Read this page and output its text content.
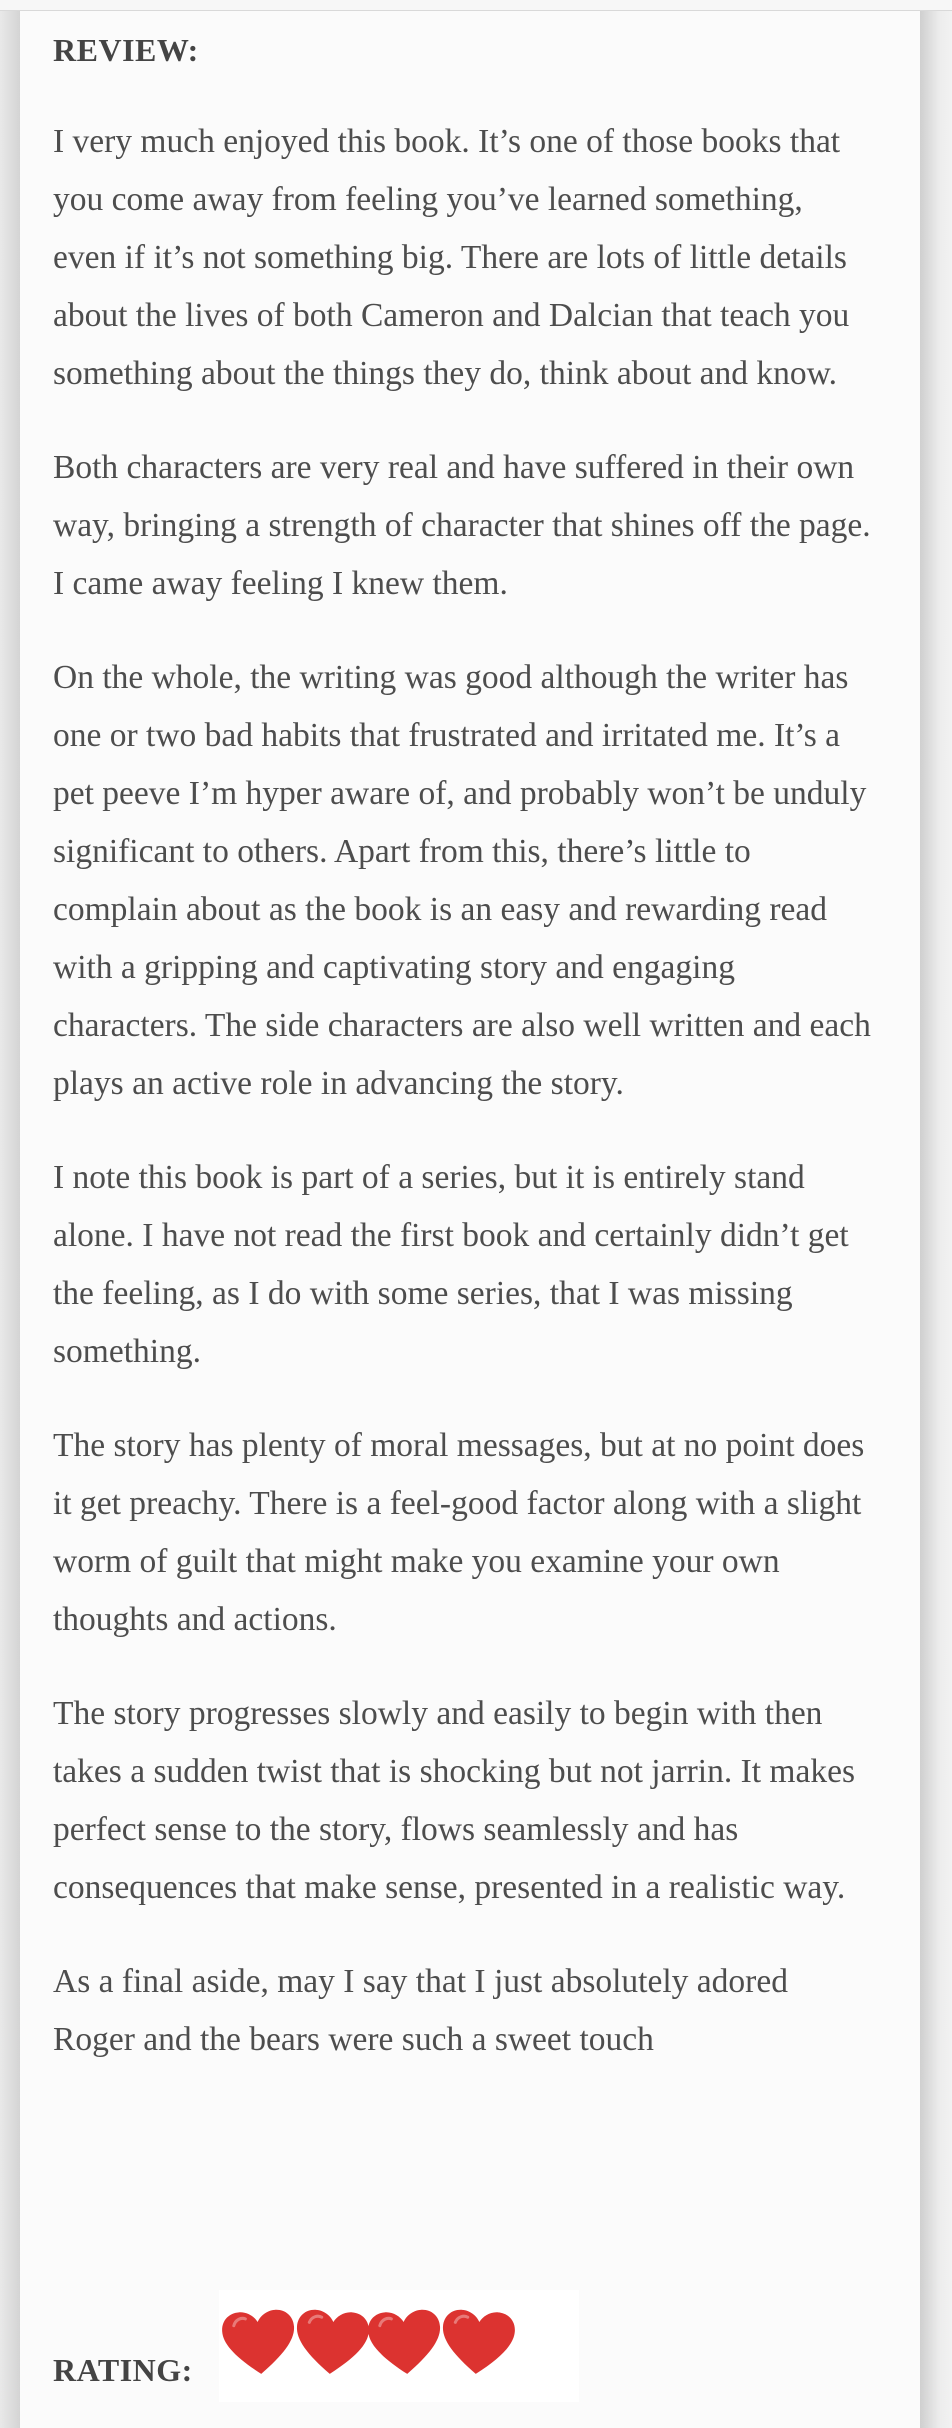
REVIEW:

I very much enjoyed this book. It’s one of those books that you come away from feeling you’ve learned something, even if it’s not something big. There are lots of little details about the lives of both Cameron and Dalcian that teach you something about the things they do, think about and know.

Both characters are very real and have suffered in their own way, bringing a strength of character that shines off the page. I came away feeling I knew them.

On the whole, the writing was good although the writer has one or two bad habits that frustrated and irritated me. It’s a pet peeve I’m hyper aware of, and probably won’t be unduly significant to others. Apart from this, there’s little to complain about as the book is an easy and rewarding read with a gripping and captivating story and engaging characters. The side characters are also well written and each plays an active role in advancing the story.

I note this book is part of a series, but it is entirely stand alone. I have not read the first book and certainly didn’t get the feeling, as I do with some series, that I was missing something.

The story has plenty of moral messages, but at no point does it get preachy. There is a feel-good factor along with a slight worm of guilt that might make you examine your own thoughts and actions.

The story progresses slowly and easily to begin with then takes a sudden twist that is shocking but not jarrin. It makes perfect sense to the story, flows seamlessly and has consequences that make sense, presented in a realistic way.

As a final aside, may I say that I just absolutely adored Roger and the bears were such a sweet touch

RATING:
